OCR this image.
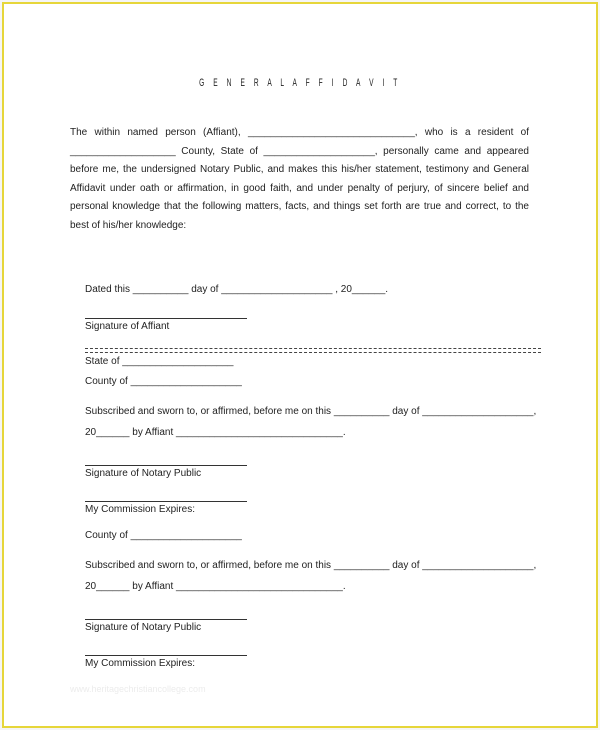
G E N E R A L A F F I D A V I T
The within named person (Affiant), ______________________________, who is a resident of ___________________ County, State of ____________________, personally came and appeared before me, the undersigned Notary Public, and makes this his/her statement, testimony and General Affidavit under oath or affirmation, in good faith, and under penalty of perjury, of sincere belief and personal knowledge that the following matters, facts, and things set forth are true and correct, to the best of his/her knowledge:
Dated this __________ day of ____________________ , 20______.
Signature of Affiant
State of ____________________
County of ____________________
Subscribed and sworn to, or affirmed, before me on this __________ day of ____________________,
20______ by Affiant ______________________________.
Signature of Notary Public
My Commission Expires:
County of ____________________
Subscribed and sworn to, or affirmed, before me on this __________ day of ____________________,
20______ by Affiant ______________________________.
Signature of Notary Public
My Commission Expires:
www.heritagechristiancollege.com
